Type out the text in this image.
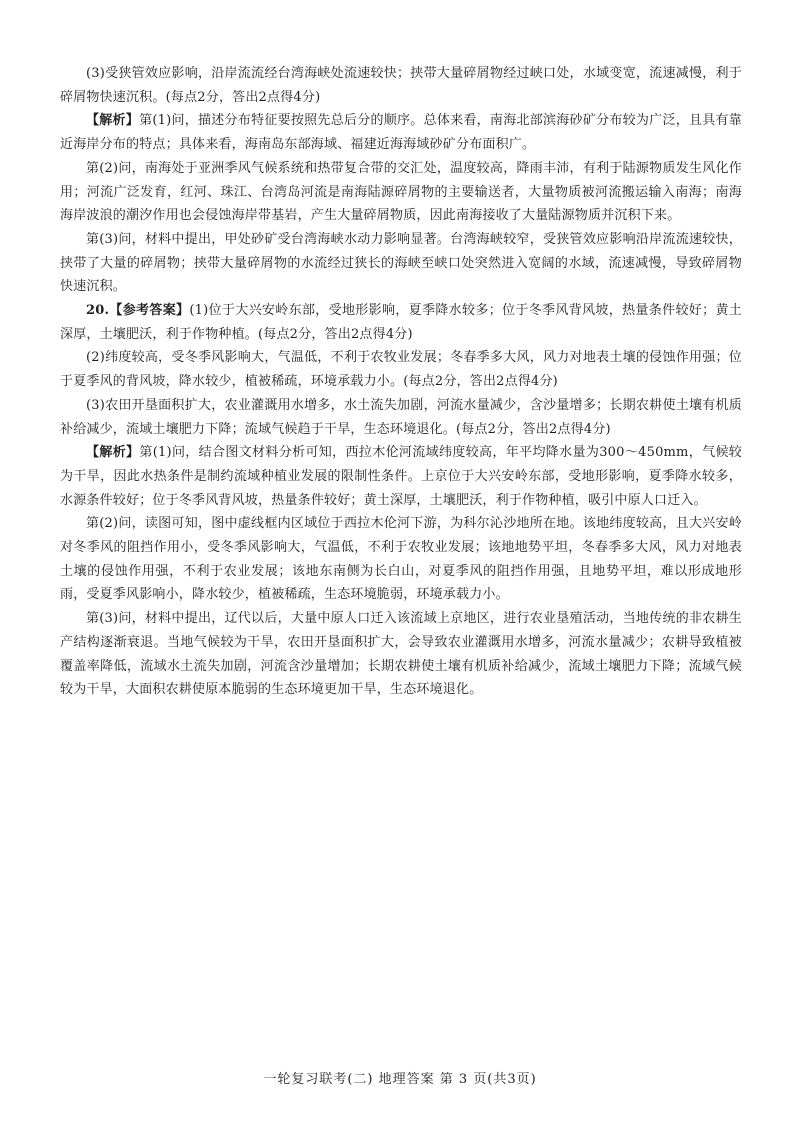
(3)受狭管效应影响，沿岸流流经台湾海峡处流速较快；挟带大量碎屑物经过峡口处，水域变宽，流速减慢，利于碎屑物快速沉积。(每点2分，答出2点得4分)

【解析】第(1)问，描述分布特征要按照先总后分的顺序。总体来看，南海北部滨海砂矿分布较为广泛，且具有靠近海岸分布的特点；具体来看，海南岛东部海域、福建近海海域砂矿分布面积广。

第(2)问，南海处于亚洲季风气候系统和热带复合带的交汇处，温度较高，降雨丰沛，有利于陆源物质发生风化作用；河流广泛发育，红河、珠江、台湾岛河流是南海陆源碎屑物的主要输送者，大量物质被河流搬运输入南海；南海海岸波浪的潮汐作用也会侵蚀海岸带基岩，产生大量碎屑物质，因此南海接收了大量陆源物质并沉积下来。

第(3)问，材料中提出，甲处砂矿受台湾海峡水动力影响显著。台湾海峡较窄，受狭管效应影响沿岸流流速较快，挟带了大量的碎屑物；挟带大量碎屑物的水流经过狭长的海峡至峡口处突然进入宽阔的水域，流速减慢，导致碎屑物快速沉积。

20.【参考答案】(1)位于大兴安岭东部，受地形影响，夏季降水较多；位于冬季风背风坡，热量条件较好；黄土深厚，土壤肥沃，利于作物种植。(每点2分，答出2点得4分)

(2)纬度较高，受冬季风影响大，气温低，不利于农牧业发展；冬春季多大风，风力对地表土壤的侵蚀作用强；位于夏季风的背风坡，降水较少，植被稀疏，环境承载力小。(每点2分，答出2点得4分)

(3)农田开垦面积扩大，农业灌溉用水增多，水土流失加剧，河流水量减少，含沙量增多；长期农耕使土壤有机质补给减少，流域土壤肥力下降；流域气候趋于干旱，生态环境退化。(每点2分，答出2点得4分)

【解析】第(1)问，结合图文材料分析可知，西拉木伦河流域纬度较高，年平均降水量为300～450mm，气候较为干旱，因此水热条件是制约流域种植业发展的限制性条件。上京位于大兴安岭东部，受地形影响，夏季降水较多，水源条件较好；位于冬季风背风坡，热量条件较好；黄土深厚，土壤肥沃，利于作物种植，吸引中原人口迁入。

第(2)问，读图可知，图中虚线框内区域位于西拉木伦河下游，为科尔沁沙地所在地。该地纬度较高，且大兴安岭对冬季风的阻挡作用小，受冬季风影响大，气温低，不利于农牧业发展；该地地势平坦，冬春季多大风，风力对地表土壤的侵蚀作用强，不利于农业发展；该地东南侧为长白山，对夏季风的阻挡作用强，且地势平坦，难以形成地形雨，受夏季风影响小，降水较少，植被稀疏，生态环境脆弱，环境承载力小。

第(3)问，材料中提出，辽代以后，大量中原人口迁入该流域上京地区，进行农业垦殖活动，当地传统的非农耕生产结构逐渐衰退。当地气候较为干旱，农田开垦面积扩大，会导致农业灌溉用水增多，河流水量减少；农耕导致植被覆盖率降低，流域水土流失加剧，河流含沙量增加；长期农耕使土壤有机质补给减少，流域土壤肥力下降；流域气候较为干旱，大面积农耕使原本脆弱的生态环境更加干旱，生态环境退化。

一轮复习联考(二) 地理答案 第 3 页(共3页)
